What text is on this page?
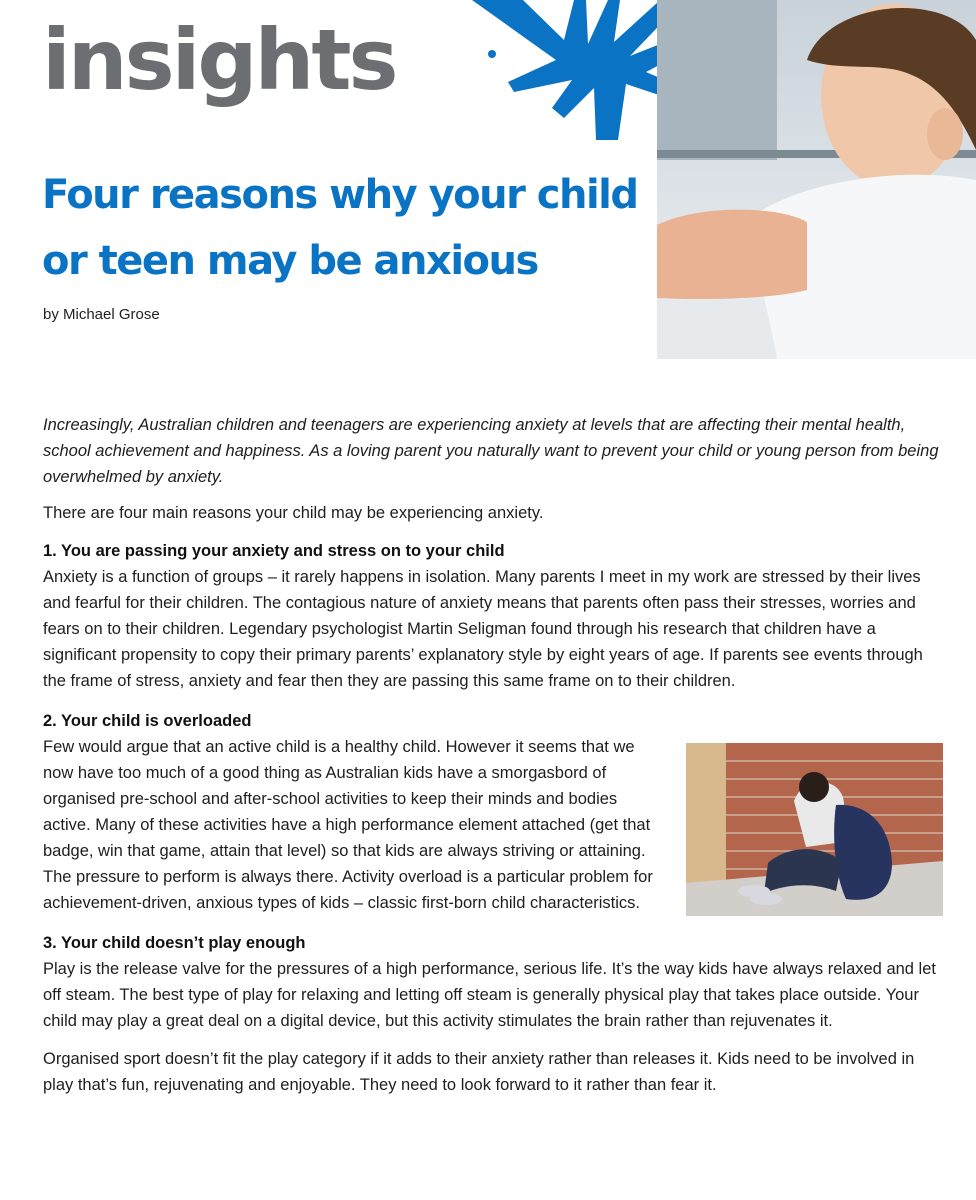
insights
Four reasons why your child or teen may be anxious
by Michael Grose

Increasingly, Australian children and teenagers are experiencing anxiety at levels that are affecting their mental health, school achievement and happiness. As a loving parent you naturally want to prevent your child or young person from being overwhelmed by anxiety.

There are four main reasons your child may be experiencing anxiety.

1. You are passing your anxiety and stress on to your child

Anxiety is a function of groups – it rarely happens in isolation. Many parents I meet in my work are stressed by their lives and fearful for their children. The contagious nature of anxiety means that parents often pass their stresses, worries and fears on to their children. Legendary psychologist Martin Seligman found through his research that children have a significant propensity to copy their primary parents’ explanatory style by eight years of age. If parents see events through the frame of stress, anxiety and fear then they are passing this same frame on to their children.

2. Your child is overloaded

Few would argue that an active child is a healthy child. However it seems that we now have too much of a good thing as Australian kids have a smorgasbord of organised pre-school and after-school activities to keep their minds and bodies active. Many of these activities have a high performance element attached (get that badge, win that game, attain that level) so that kids are always striving or attaining. The pressure to perform is always there. Activity overload is a particular problem for achievement-driven, anxious types of kids – classic first-born child characteristics.

3. Your child doesn’t play enough

Play is the release valve for the pressures of a high performance, serious life. It’s the way kids have always relaxed and let off steam. The best type of play for relaxing and letting off steam is generally physical play that takes place outside. Your child may play a great deal on a digital device, but this activity stimulates the brain rather than rejuvenates it.

Organised sport doesn’t fit the play category if it adds to their anxiety rather than releases it. Kids need to be involved in play that’s fun, rejuvenating and enjoyable. They need to look forward to it rather than fear it.
